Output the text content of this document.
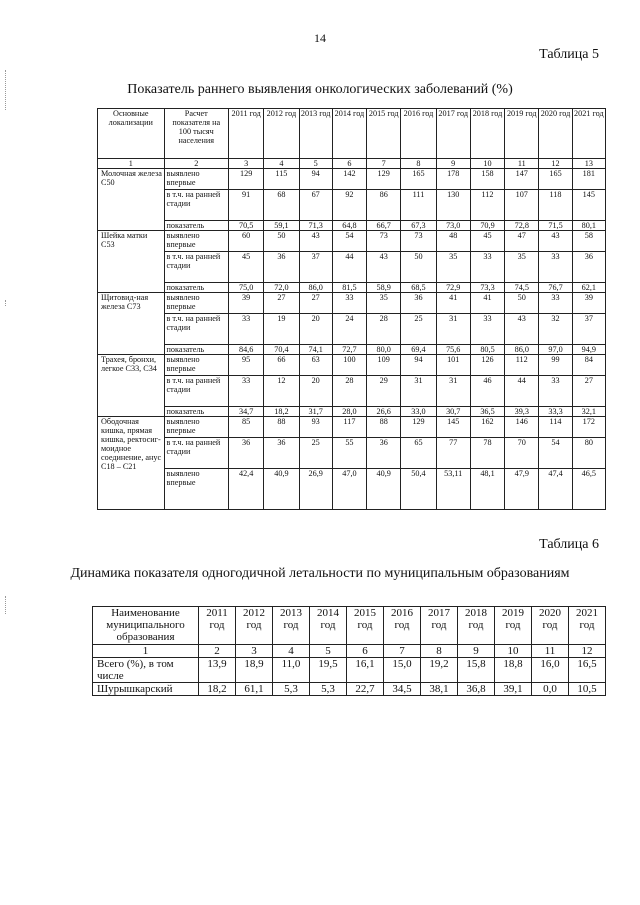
14
Таблица 5
Показатель раннего выявления онкологических заболеваний (%)
Основные локализации	Расчет показателя на 100 тысяч населения	2011 год	2012 год	2013 год	2014 год	2015 год	2016 год	2017 год	2018 год	2019 год	2020 год	2021 год
1	2	3	4	5	6	7	8	9	10	11	12	13
Молочная железа С50	выявлено впервые	129	115	94	142	129	165	178	158	147	165	181
	в т.ч. на ранней стадии	91	68	67	92	86	111	130	112	107	118	145
	показатель	70,5	59,1	71,3	64,8	66,7	67,3	73,0	70,9	72,8	71,5	80,1
Шейка матки С53	выявлено впервые	60	50	43	54	73	73	48	45	47	43	58
	в т.ч. на ранней стадии	45	36	37	44	43	50	35	33	35	33	36
	показатель	75,0	72,0	86,0	81,5	58,9	68,5	72,9	73,3	74,5	76,7	62,1
Щитовид-ная железа С73	выявлено впервые	39	27	27	33	35	36	41	41	50	33	39
	в т.ч. на ранней стадии	33	19	20	24	28	25	31	33	43	32	37
	показатель	84,6	70,4	74,1	72,7	80,0	69,4	75,6	80,5	86,0	97,0	94,9
Трахея, бронхи, легкое С33, С34	выявлено впервые	95	66	63	100	109	94	101	126	112	99	84
	в т.ч. на ранней стадии	33	12	20	28	29	31	31	46	44	33	27
	показатель	34,7	18,2	31,7	28,0	26,6	33,0	30,7	36,5	39,3	33,3	32,1
Ободочная кишка, прямая кишка, ректосиг-моидное соединение, анус С18 – С21	выявлено впервые	85	88	93	117	88	129	145	162	146	114	172
	в т.ч. на ранней стадии	36	36	25	55	36	65	77	78	70	54	80
	выявлено впервые	42,4	40,9	26,9	47,0	40,9	50,4	53,11	48,1	47,9	47,4	46,5
Таблица 6
Динамика показателя одногодичной летальности по муниципальным образованиям
Наименование муниципального образования	2011 год	2012 год	2013 год	2014 год	2015 год	2016 год	2017 год	2018 год	2019 год	2020 год	2021 год
1	2	3	4	5	6	7	8	9	10	11	12
Всего (%), в том числе	13,9	18,9	11,0	19,5	16,1	15,0	19,2	15,8	18,8	16,0	16,5
Шурышкарский	18,2	61,1	5,3	5,3	22,7	34,5	38,1	36,8	39,1	0,0	10,5
